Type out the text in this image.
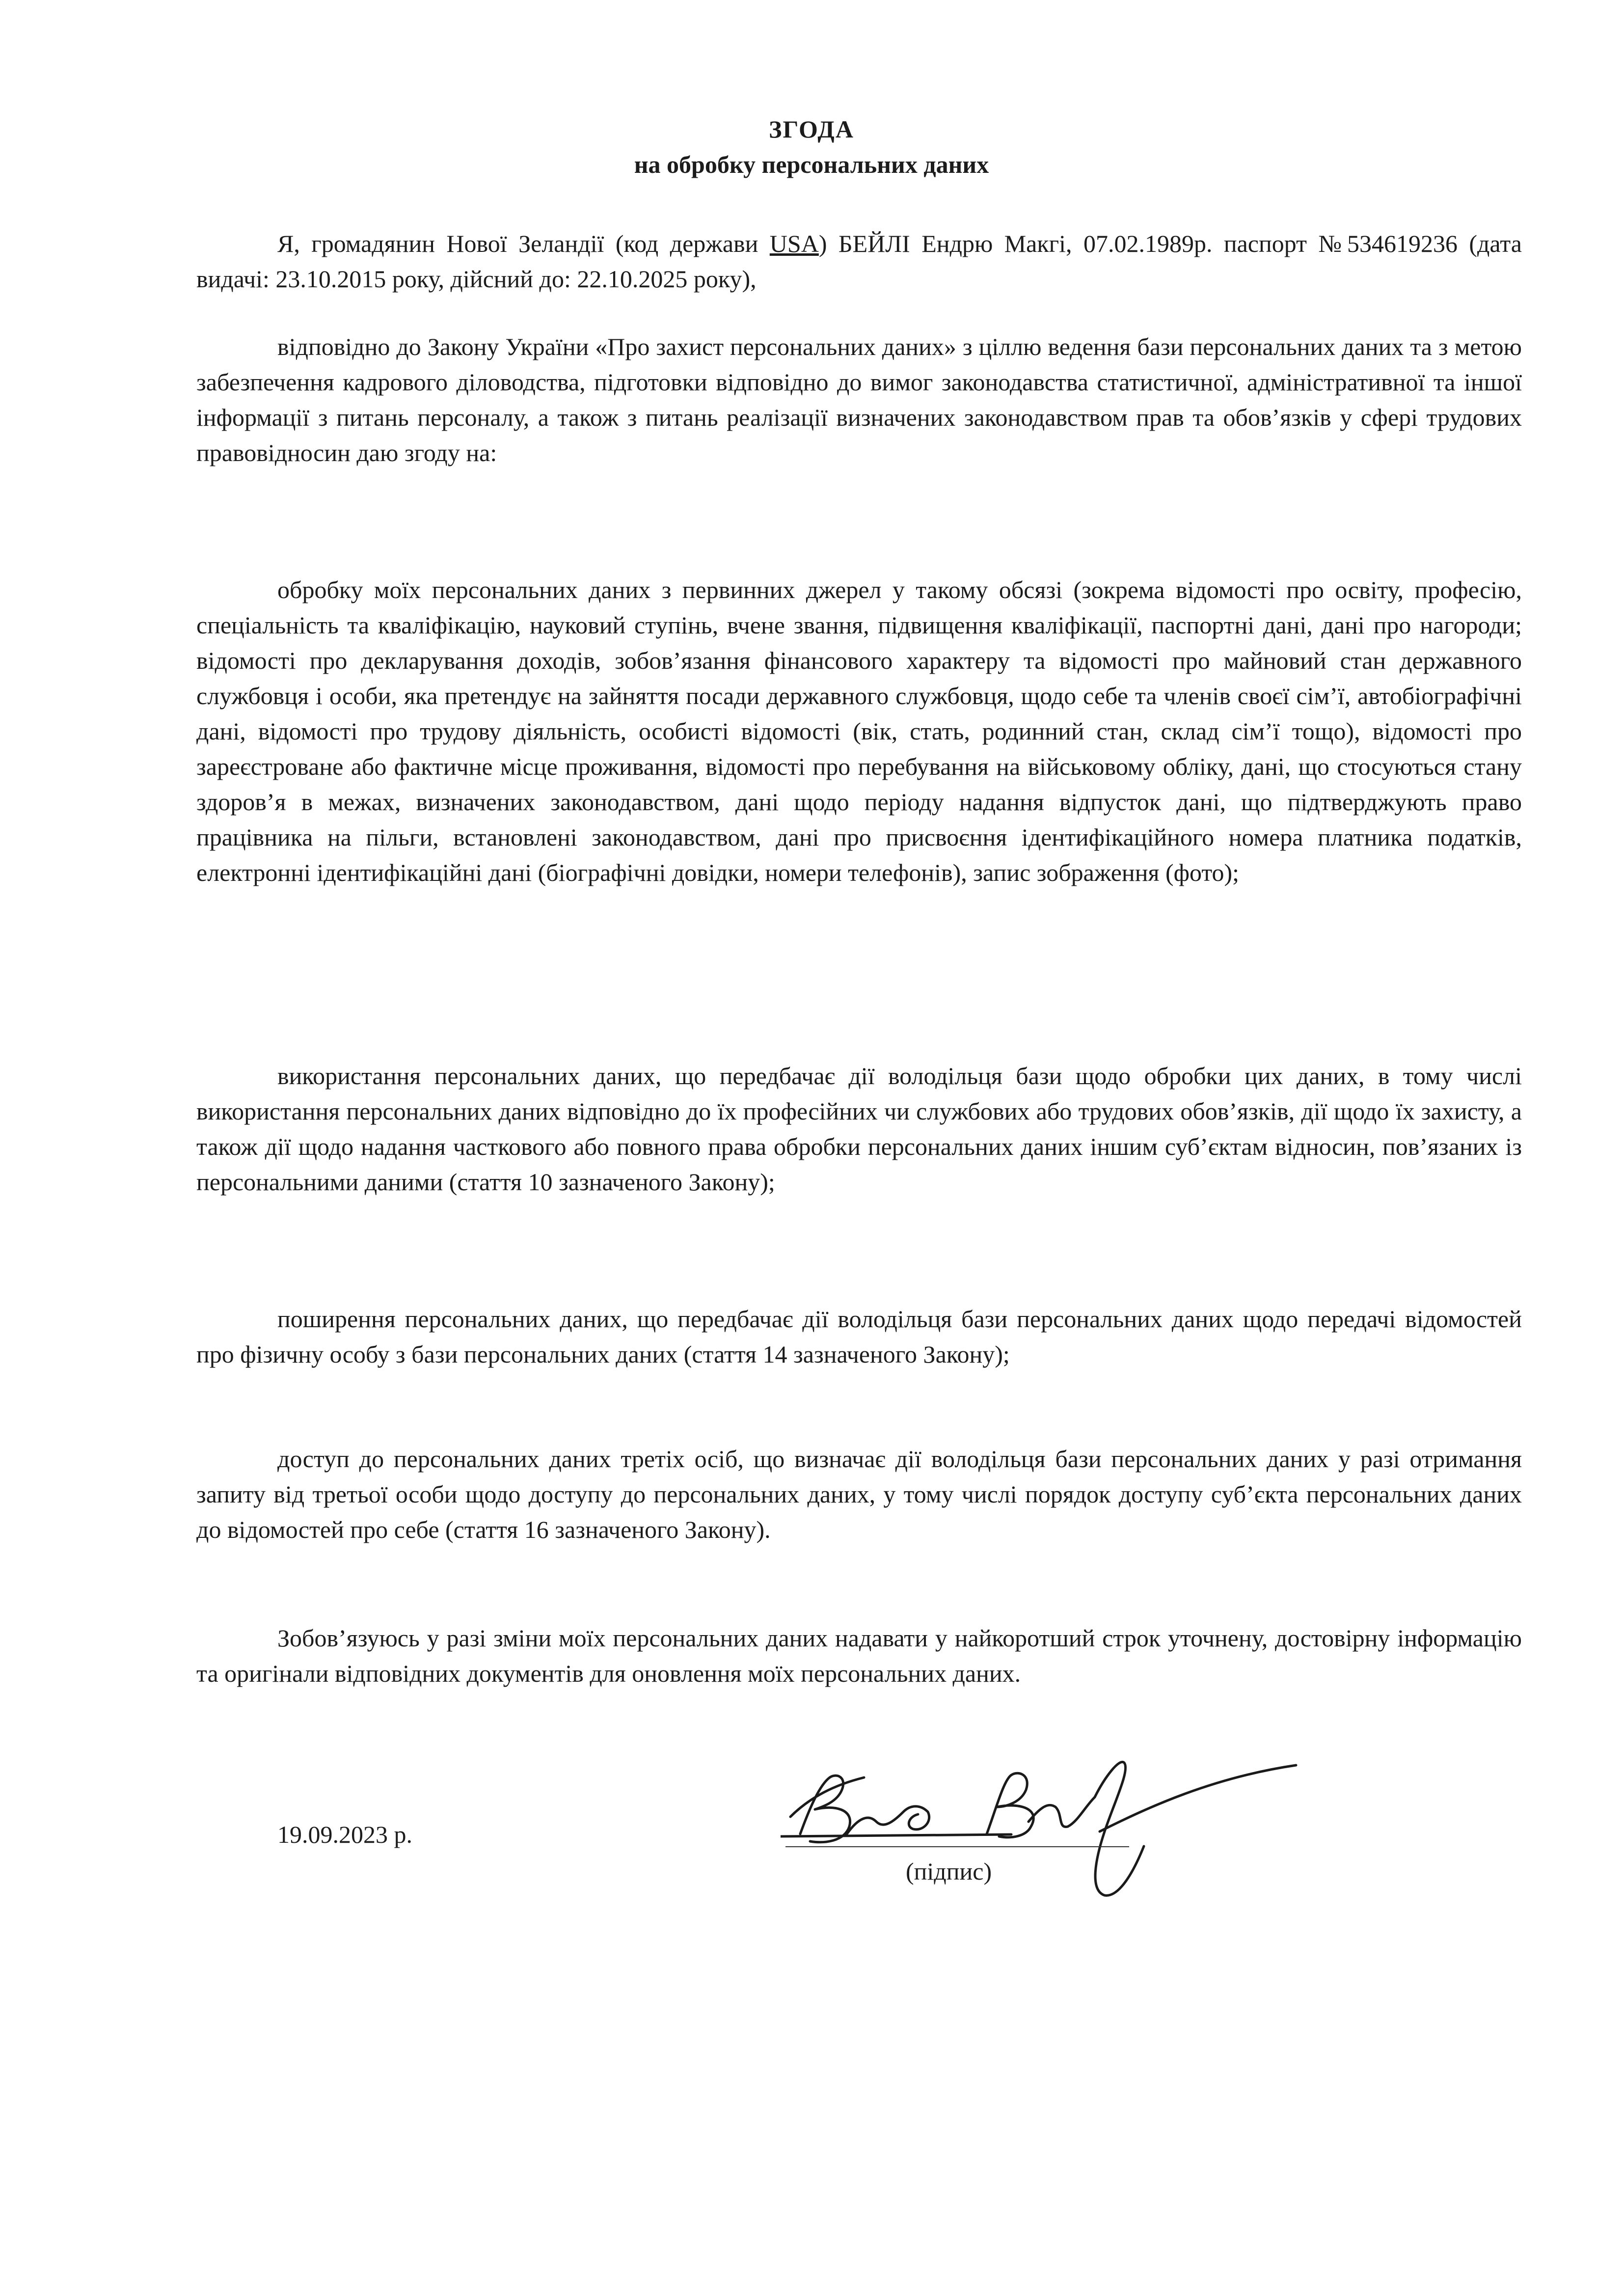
ЗГОДА
на обробку персональних даних

Я, громадянин Нової Зеландії (код держави USA) БЕЙЛІ Ендрю Макгі, 07.02.1989р. паспорт №534619236 (дата видачі: 23.10.2015 року, дійсний до: 22.10.2025 року),

відповідно до Закону України «Про захист персональних даних» з ціллю ведення бази персональних даних та з метою забезпечення кадрового діловодства, підготовки відповідно до вимог законодавства статистичної, адміністративної та іншої інформації з питань персоналу, а також з питань реалізації визначених законодавством прав та обов’язків у сфері трудових правовідносин даю згоду на:

обробку моїх персональних даних з первинних джерел у такому обсязі (зокрема відомості про освіту, професію, спеціальність та кваліфікацію, науковий ступінь, вчене звання, підвищення кваліфікації, паспортні дані, дані про нагороди; відомості про декларування доходів, зобов’язання фінансового характеру та відомості про майновий стан державного службовця і особи, яка претендує на зайняття посади державного службовця, щодо себе та членів своєї сім’ї, автобіографічні дані, відомості про трудову діяльність, особисті відомості (вік, стать, родинний стан, склад сім’ї тощо), відомості про зареєстроване або фактичне місце проживання, відомості про перебування на військовому обліку, дані, що стосуються стану здоров’я в межах, визначених законодавством, дані щодо періоду надання відпусток дані, що підтверджують право працівника на пільги, встановлені законодавством, дані про присвоєння ідентифікаційного номера платника податків, електронні ідентифікаційні дані (біографічні довідки, номери телефонів), запис зображення (фото);

використання персональних даних, що передбачає дії володільця бази щодо обробки цих даних, в тому числі використання персональних даних відповідно до їх професійних чи службових або трудових обов’язків, дії щодо їх захисту, а також дії щодо надання часткового або повного права обробки персональних даних іншим суб’єктам відносин, пов’язаних із персональними даними (стаття 10 зазначеного Закону);

поширення персональних даних, що передбачає дії володільця бази персональних даних щодо передачі відомостей про фізичну особу з бази персональних даних (стаття 14 зазначеного Закону);

доступ до персональних даних третіх осіб, що визначає дії володільця бази персональних даних у разі отримання запиту від третьої особи щодо доступу до персональних даних, у тому числі порядок доступу суб’єкта персональних даних до відомостей про себе (стаття 16 зазначеного Закону).

Зобов’язуюсь у разі зміни моїх персональних даних надавати у найкоротший строк уточнену, достовірну інформацію та оригінали відповідних документів для оновлення моїх персональних даних.

19.09.2023 р.
(підпис)
